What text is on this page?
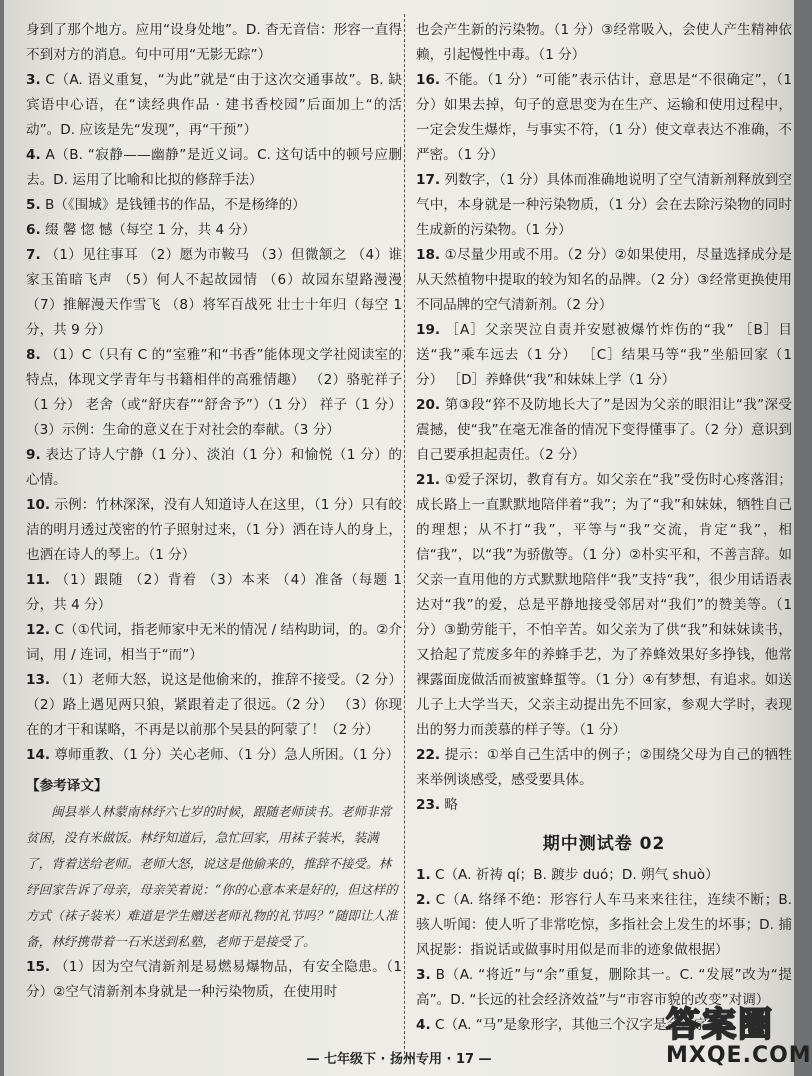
身到了那个地方。应用“设身处地”。D. 杳无音信：形容一直得不到对方的消息。句中可用“无影无踪”）

3. C（A. 语义重复，“为此”就是“由于这次交通事故”。B. 缺宾语中心语，在“读经典作品 · 建书香校园”后面加上“的活动”。D. 应该是先“发现”，再“干预”）

4. A（B. “寂静——幽静”是近义词。C. 这句话中的顿号应删去。D. 运用了比喻和比拟的修辞手法）

5. B（《围城》是钱锺书的作品，不是杨绛的）

6. 缀 馨 惚 憾（每空 1 分，共 4 分）

7. （1）见往事耳 （2）愿为市鞍马 （3）但微颔之 （4）谁家玉笛暗飞声 （5）何人不起故园情 （6）故园东望路漫漫 （7）推解漫天作雪飞 （8）将军百战死 壮士十年归（每空 1 分，共 9 分）

8. （1）C（只有 C 的“室雅”和“书香”能体现文学社阅读室的特点，体现文学青年与书籍相伴的高雅情趣） （2）骆驼祥子（1 分） 老舍（或“舒庆春”“舒舍予”）（1 分） 祥子（1 分） （3）示例：生命的意义在于对社会的奉献。（3 分）

9. 表达了诗人宁静（1 分）、淡泊（1 分）和愉悦（1 分）的心情。

10. 示例：竹林深深，没有人知道诗人在这里，（1 分）只有皎洁的明月透过茂密的竹子照射过来，（1 分）洒在诗人的身上，也洒在诗人的琴上。（1 分）

11. （1）跟随 （2）背着 （3）本来 （4）准备（每题 1 分，共 4 分）

12. C（①代词，指老师家中无米的情况 / 结构助词，的。②介词，用 / 连词，相当于“而”）

13. （1）老师大怒，说这是他偷来的，推辞不接受。（2 分） （2）路上遇见两只狼，紧跟着走了很远。（2 分） （3）你现在的才干和谋略，不再是以前那个吴县的阿蒙了！（2 分）

14. 尊师重教、（1 分）关心老师、（1 分）急人所困。（1 分）

【参考译文】

闽县举人林蒙南林纾六七岁的时候，跟随老师读书。老师非常贫困，没有米做饭。林纾知道后，急忙回家，用袜子装米，装满了，背着送给老师。老师大怒，说这是他偷来的，推辞不接受。林纾回家告诉了母亲，母亲笑着说：“你的心意本来是好的，但这样的方式（袜子装米）难道是学生赠送老师礼物的礼节吗？”随即让人准备，林纾携带着一石米送到私塾，老师于是接受了。

15. （1）因为空气清新剂是易燃易爆物品，有安全隐患。（1 分）②空气清新剂本身就是一种污染物质，在使用时

也会产生新的污染物。（1 分）③经常吸入，会使人产生精神依赖，引起慢性中毒。（1 分）

16. 不能。（1 分）“可能”表示估计，意思是“不很确定”，（1 分）如果去掉，句子的意思变为在生产、运输和使用过程中，一定会发生爆炸，与事实不符，（1 分）使文章表达不准确，不严密。（1 分）

17. 列数字，（1 分）具体而准确地说明了空气清新剂释放到空气中，本身就是一种污染物质，（1 分）会在去除污染物的同时生成新的污染物。（1 分）

18. ①尽量少用或不用。（2 分）②如果使用，尽量选择成分是从天然植物中提取的较为知名的品牌。（2 分）③经常更换使用不同品牌的空气清新剂。（2 分）

19. ［A］父亲哭泣自责并安慰被爆竹炸伤的“我” ［B］目送“我”乘车远去（1 分） ［C］结果马等“我”坐船回家（1 分） ［D］养蜂供“我”和妹妹上学（1 分）

20. 第③段“猝不及防地长大了”是因为父亲的眼泪让“我”深受震撼，使“我”在毫无准备的情况下变得懂事了。（2 分）意识到自己要承担起责任。（2 分）

21. ①爱子深切，教育有方。如父亲在“我”受伤时心疼落泪；成长路上一直默默地陪伴着“我”；为了“我”和妹妹，牺牲自己的理想；从不打“我”，平等与“我”交流，肯定“我”，相信“我”，以“我”为骄傲等。（1 分）②朴实平和，不善言辞。如父亲一直用他的方式默默地陪伴“我”支持“我”，很少用话语表达对“我”的爱，总是平静地接受邻居对“我们”的赞美等。（1 分）③勤劳能干，不怕辛苦。如父亲为了供“我”和妹妹读书，又拾起了荒废多年的养蜂手艺，为了养蜂效果好多挣钱，他常裸露面庞做活而被蜜蜂蜇等。（1 分）④有梦想，有追求。如送儿子上大学当天，父亲主动提出先不回家，参观大学时，表现出的努力而羡慕的样子等。（1 分）

22. 提示：①举自己生活中的例子；②围绕父母为自己的牺牲来举例谈感受，感受要具体。

23. 略

期中测试卷 02

1. C（A. 祈祷 qí；B. 踱步 duó；D. 朔气 shuò）

2. C（A. 络绎不绝：形容行人车马来来往往，连续不断；B. 骇人听闻：使人听了非常吃惊，多指社会上发生的坏事；D. 捕风捉影：指说话或做事时用似是而非的迹象做根据）

3. B（A. “将近”与“余”重复，删除其一。C. “发展”改为“提高”。D. “长远的社会经济效益”与“市容市貌的改变”对调）

4. C（A. “马”是象形字，其他三个汉字是会意字

— 七年级下 · 扬州专用 · 17 —
答案圈
MXQE.COM
